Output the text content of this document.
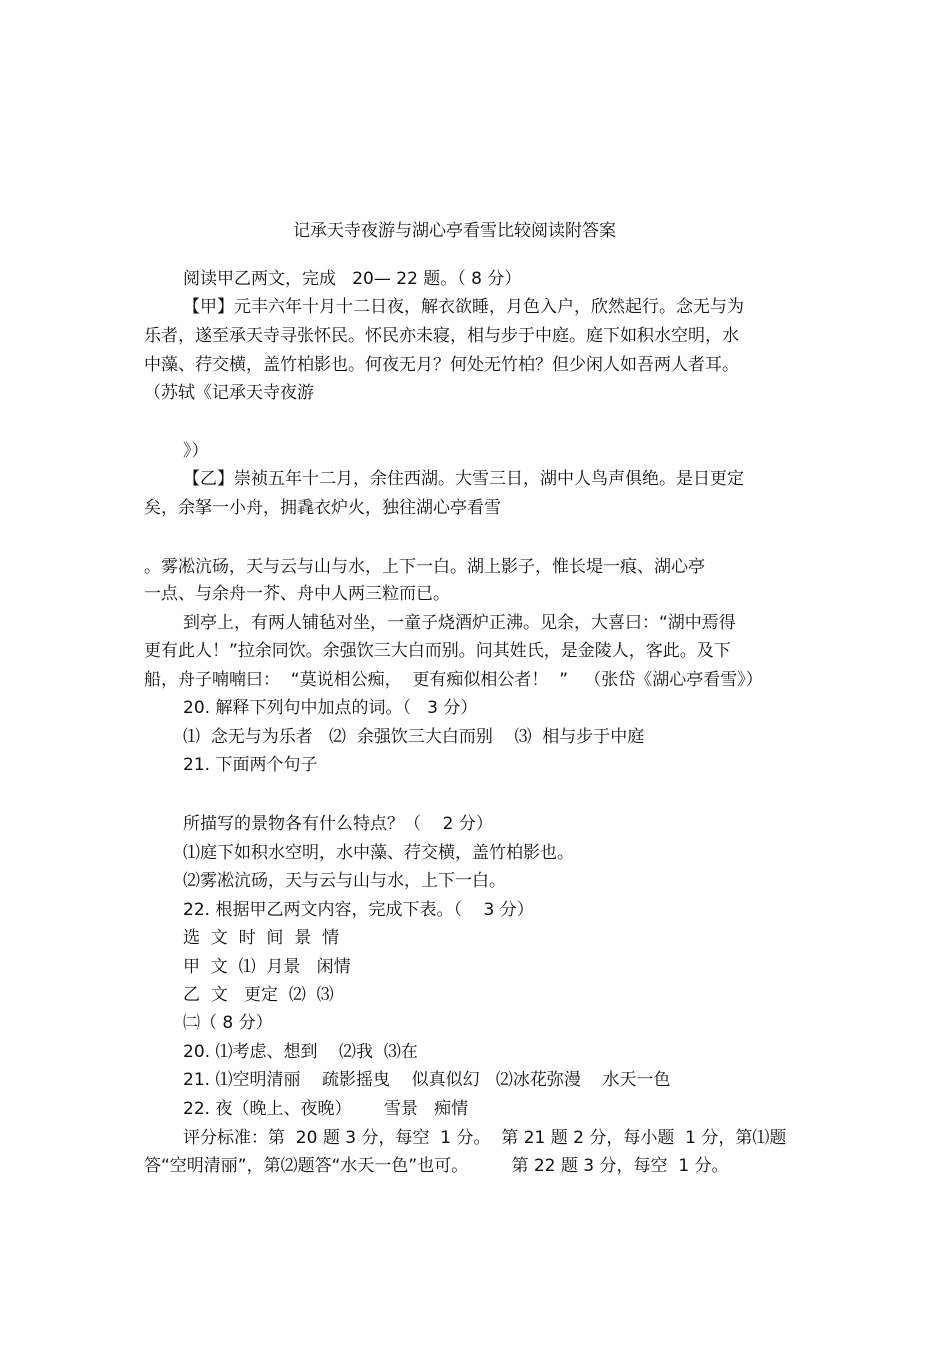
记承天寺夜游与湖心亭看雪比较阅读附答案

阅读甲乙两文，完成   20— 22 题。（ 8 分）

【甲】元丰六年十月十二日夜，解衣欲睡，月色入户，欣然起行。念无与为

乐者，遂至承天寺寻张怀民。怀民亦未寝，相与步于中庭。庭下如积水空明，水

中藻、荇交横，盖竹柏影也。何夜无月？何处无竹柏？但少闲人如吾两人者耳。

（苏轼《记承天寺夜游

》）

【乙】崇祯五年十二月，余住西湖。大雪三日，湖中人鸟声俱绝。是日更定

矣，余拏一小舟，拥毳衣炉火，独往湖心亭看雪

。雾凇沆砀，天与云与山与水，上下一白。湖上影子，惟长堤一痕、湖心亭

一点、与余舟一芥、舟中人两三粒而已。

到亭上，有两人铺毡对坐，一童子烧酒炉正沸。见余，大喜曰：“湖中焉得

更有此人！”拉余同饮。余强饮三大白而别。问其姓氏，是金陵人，客此。及下

船，舟子喃喃曰：  “莫说相公痴，  更有痴似相公者！  ”   （张岱《湖心亭看雪》）

20. 解释下列句中加点的词。（   3 分）

⑴  念无与为乐者   ⑵  余强饮三大白而别    ⑶  相与步于中庭

21. 下面两个句子

所描写的景物各有什么特点？（    2 分）

⑴庭下如积水空明，水中藻、荇交横，盖竹柏影也。

⑵雾凇沆砀，天与云与山与水，上下一白。

22. 根据甲乙两文内容，完成下表。（    3 分）

选  文  时  间  景  情

甲  文  ⑴  月景   闲情

乙  文   更定  ⑵  ⑶

㈡（ 8 分）

20. ⑴考虑、想到    ⑵我  ⑶在

21. ⑴空明清丽    疏影摇曳    似真似幻   ⑵冰花弥漫    水天一色

22. 夜（晚上、夜晚）      雪景   痴情

评分标准：第  20 题 3 分，每空  1 分。  第 21 题 2 分，每小题  1 分，第⑴题

答“空明清丽”，第⑵题答“水天一色”也可。        第 22 题 3 分，每空  1 分。
